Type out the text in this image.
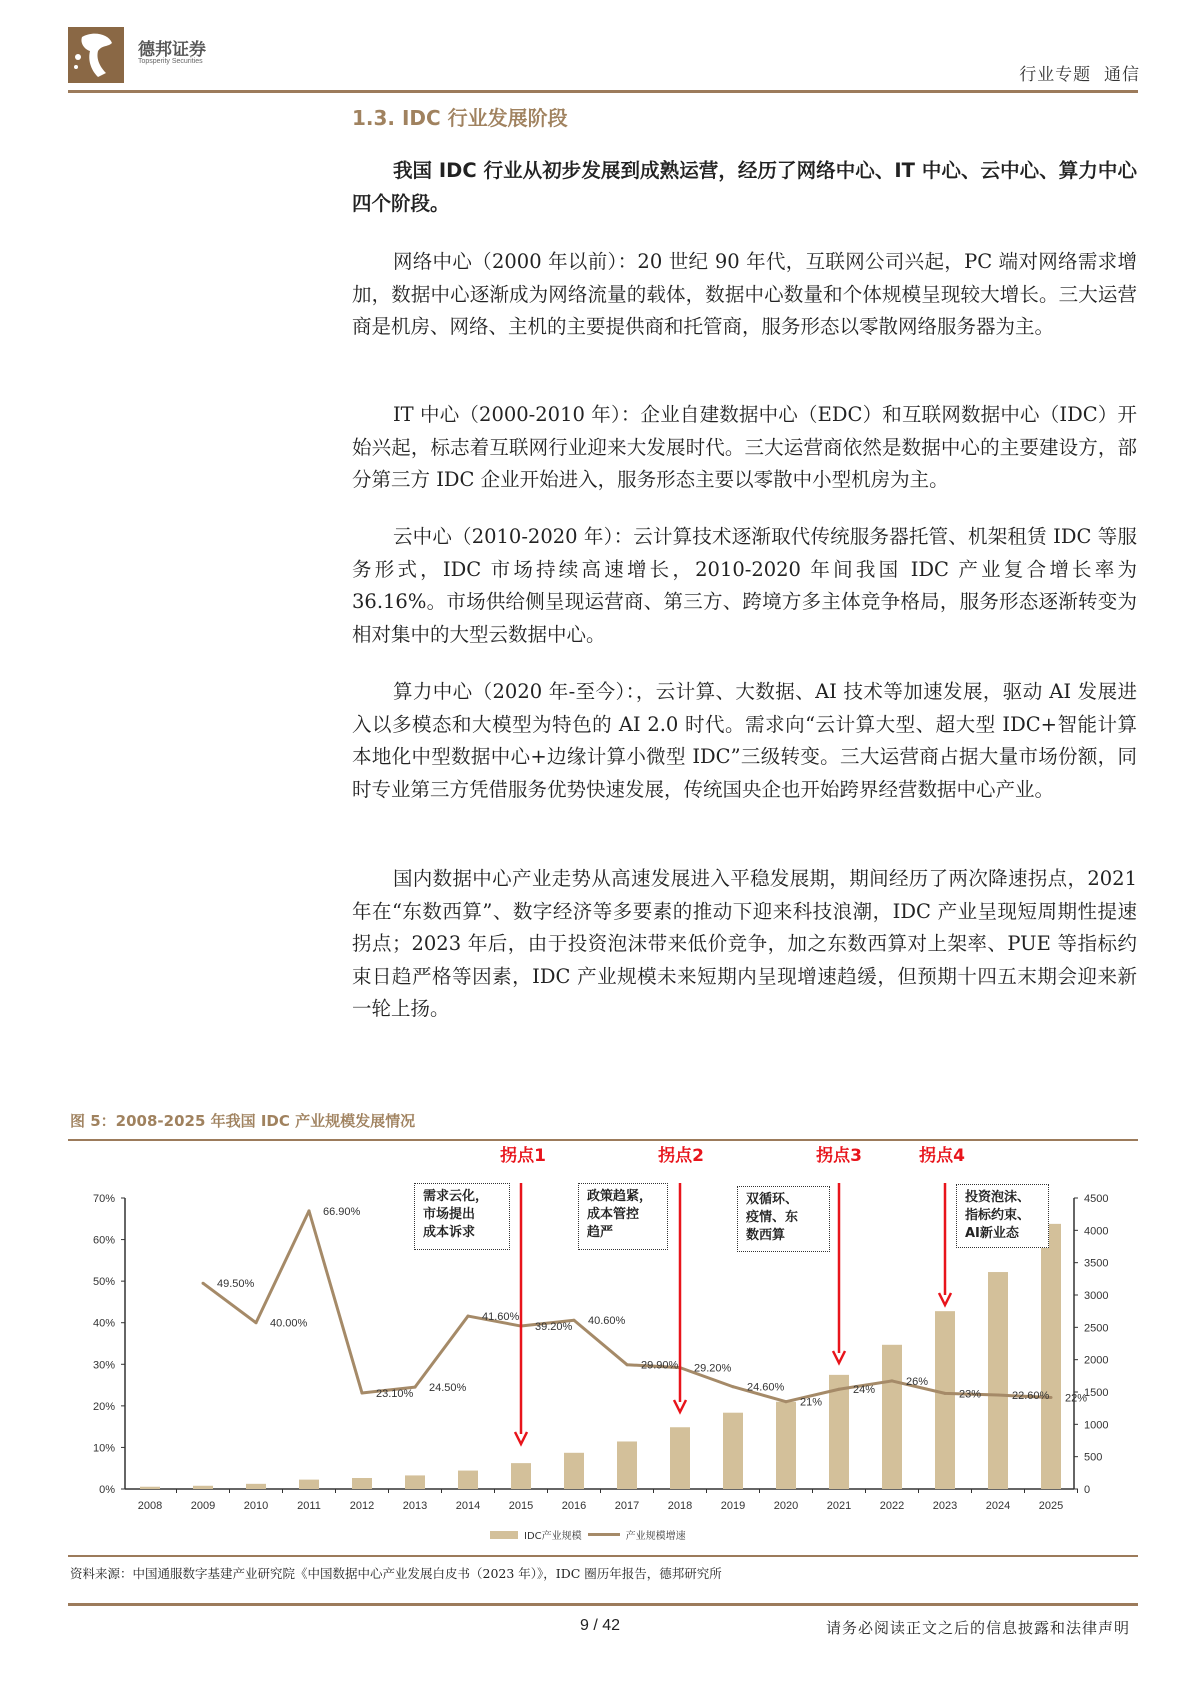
德邦证券
Topsperity Securities
行业专题  通信
1.3. IDC 行业发展阶段

我国 IDC 行业从初步发展到成熟运营，经历了网络中心、IT 中心、云中心、算力中心四个阶段。

网络中心（2000 年以前）：20 世纪 90 年代，互联网公司兴起，PC 端对网络需求增加，数据中心逐渐成为网络流量的载体，数据中心数量和个体规模呈现较大增长。三大运营商是机房、网络、主机的主要提供商和托管商，服务形态以零散网络服务器为主。

IT 中心（2000-2010 年）：企业自建数据中心（EDC）和互联网数据中心（IDC）开始兴起，标志着互联网行业迎来大发展时代。三大运营商依然是数据中心的主要建设方，部分第三方 IDC 企业开始进入，服务形态主要以零散中小型机房为主。

云中心（2010-2020 年）：云计算技术逐渐取代传统服务器托管、机架租赁 IDC 等服务形式，IDC 市场持续高速增长，2010-2020 年间我国 IDC 产业复合增长率为 36.16%。市场供给侧呈现运营商、第三方、跨境方多主体竞争格局，服务形态逐渐转变为相对集中的大型云数据中心。

算力中心（2020 年-至今）：，云计算、大数据、AI 技术等加速发展，驱动 AI 发展进入以多模态和大模型为特色的 AI 2.0 时代。需求向“云计算大型、超大型 IDC+智能计算本地化中型数据中心+边缘计算小微型 IDC”三级转变。三大运营商占据大量市场份额，同时专业第三方凭借服务优势快速发展，传统国央企也开始跨界经营数据中心产业。

国内数据中心产业走势从高速发展进入平稳发展期，期间经历了两次降速拐点，2021 年在“东数西算”、数字经济等多要素的推动下迎来科技浪潮，IDC 产业呈现短周期性提速拐点；2023 年后，由于投资泡沫带来低价竞争，加之东数西算对上架率、PUE 等指标约束日趋严格等因素，IDC 产业规模未来短期内呈现增速趋缓，但预期十四五末期会迎来新一轮上扬。

图 5：2008-2025 年我国 IDC 产业规模发展情况
0%
10%
20%
30%
40%
50%
60%
70%
0
500
1000
1500
2000
2500
3000
3500
4000
4500
2008	2009	2010	2011	2012	2013	2014	2015	2016	2017	2018	2019	2020	2021	2022	2023	2024	2025
49.50%
40.00%
66.90%
23.10% 24.50%
41.60%
39.20% 40.60%
29.90% 29.20%
24.60%
21%
24%
26%
23%	22.60% 22%
需求云化，
市场提出
成本诉求
政策趋紧，
成本管控
趋严
双循环、
疫情、东
数西算
投资泡沫、
指标约束、
AI新业态
拐点1	拐点2	拐点3	拐点4
IDC产业规模	产业规模增速
资料来源：中国通服数字基建产业研究院《中国数据中心产业发展白皮书（2023 年）》，IDC 圈历年报告，德邦研究所
9 / 42	请务必阅读正文之后的信息披露和法律声明
